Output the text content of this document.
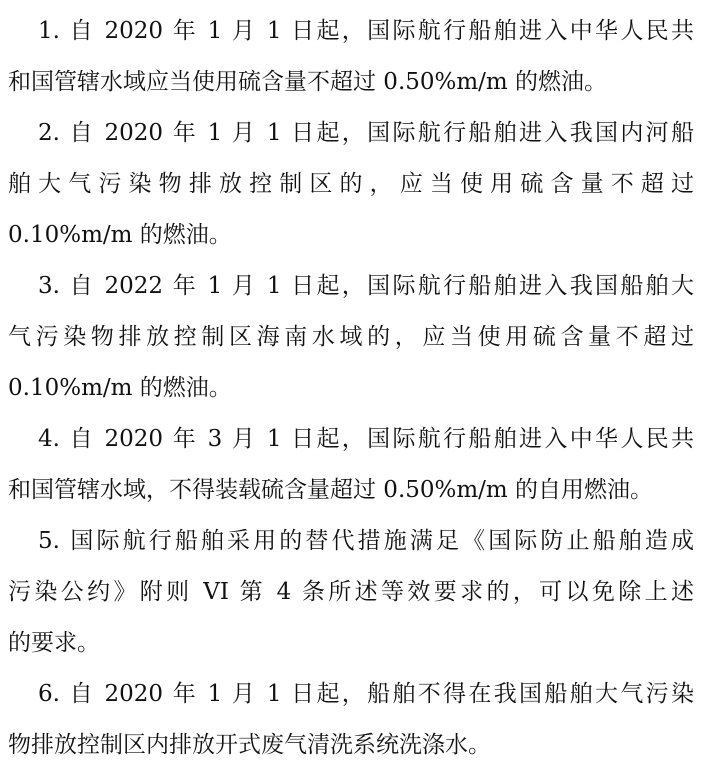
1. 自 2020 年 1 月 1 日起，国际航行船舶进入中华人民共
和国管辖水域应当使用硫含量不超过 0.50%m/m 的燃油。
2. 自 2020 年 1 月 1 日起，国际航行船舶进入我国内河船
舶大气污染物排放控制区的，应当使用硫含量不超过
0.10%m/m 的燃油。
3. 自 2022 年 1 月 1 日起，国际航行船舶进入我国船舶大
气污染物排放控制区海南水域的，应当使用硫含量不超过
0.10%m/m 的燃油。
4. 自 2020 年 3 月 1 日起，国际航行船舶进入中华人民共
和国管辖水域，不得装载硫含量超过 0.50%m/m 的自用燃油。
5. 国际航行船舶采用的替代措施满足《国际防止船舶造成
污染公约》附则 VI 第 4 条所述等效要求的，可以免除上述
的要求。
6. 自 2020 年 1 月 1 日起，船舶不得在我国船舶大气污染
物排放控制区内排放开式废气清洗系统洗涤水。
